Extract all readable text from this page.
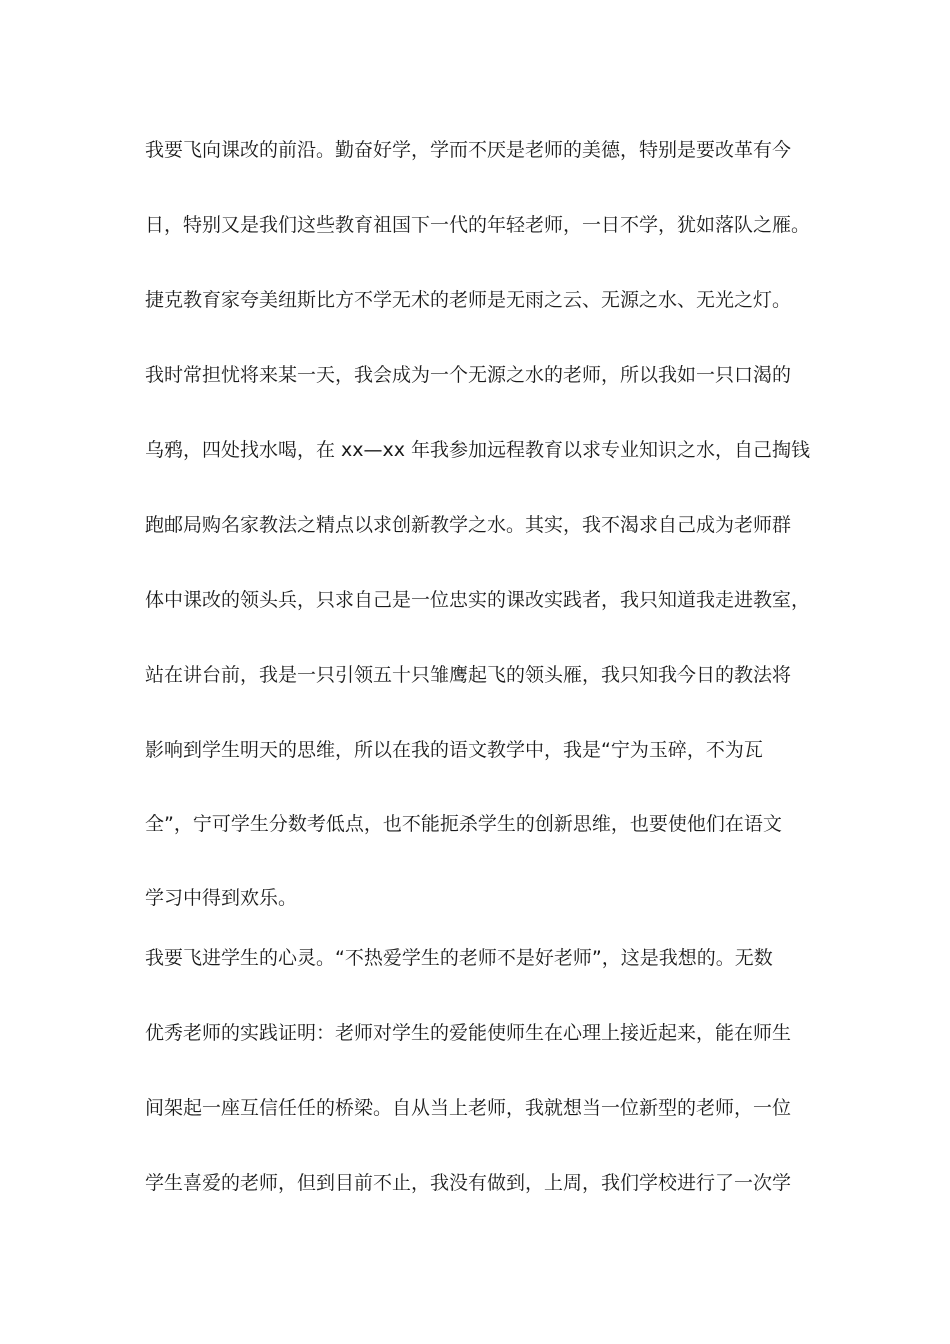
我要飞向课改的前沿。勤奋好学，学而不厌是老师的美德，特别是要改革有今
日，特别又是我们这些教育祖国下一代的年轻老师，一日不学，犹如落队之雁。
捷克教育家夸美纽斯比方不学无术的老师是无雨之云、无源之水、无光之灯。
我时常担忧将来某一天，我会成为一个无源之水的老师，所以我如一只口渴的
乌鸦，四处找水喝，在 xx—xx 年我参加远程教育以求专业知识之水，自己掏钱
跑邮局购名家教法之精点以求创新教学之水。其实，我不渴求自己成为老师群
体中课改的领头兵，只求自己是一位忠实的课改实践者，我只知道我走进教室，
站在讲台前，我是一只引领五十只雏鹰起飞的领头雁，我只知我今日的教法将
影响到学生明天的思维，所以在我的语文教学中，我是“宁为玉碎，不为瓦
全”，宁可学生分数考低点，也不能扼杀学生的创新思维，也要使他们在语文
学习中得到欢乐。
我要飞进学生的心灵。“不热爱学生的老师不是好老师”，这是我想的。无数
优秀老师的实践证明：老师对学生的爱能使师生在心理上接近起来，能在师生
间架起一座互信任任的桥梁。自从当上老师，我就想当一位新型的老师，一位
学生喜爱的老师，但到目前不止，我没有做到，上周，我们学校进行了一次学
